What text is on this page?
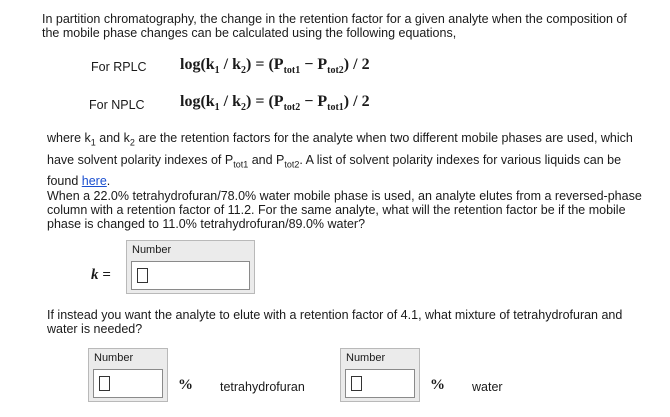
In partition chromatography, the change in the retention factor for a given analyte when the composition of the mobile phase changes can be calculated using the following equations,
For RPLC $\log(k_1 / k_2) = (P_{tot1} - P_{tot2}) / 2$
For NPLC $\log(k_1 / k_2) = (P_{tot2} - P_{tot1}) / 2$
where $k_1$ and $k_2$ are the retention factors for the analyte when two different mobile phases are used, which have solvent polarity indexes of $P_{tot1}$ and $P_{tot2}$. A list of solvent polarity indexes for various liquids can be found here.
When a 22.0% tetrahydrofuran/78.0% water mobile phase is used, an analyte elutes from a reversed-phase column with a retention factor of 11.2. For the same analyte, what will the retention factor be if the mobile phase is changed to 11.0% tetrahydrofuran/89.0% water?
k =
Number
If instead you want the analyte to elute with a retention factor of 4.1, what mixture of tetrahydrofuran and water is needed?
Number
% tetrahydrofuran
Number
% water
